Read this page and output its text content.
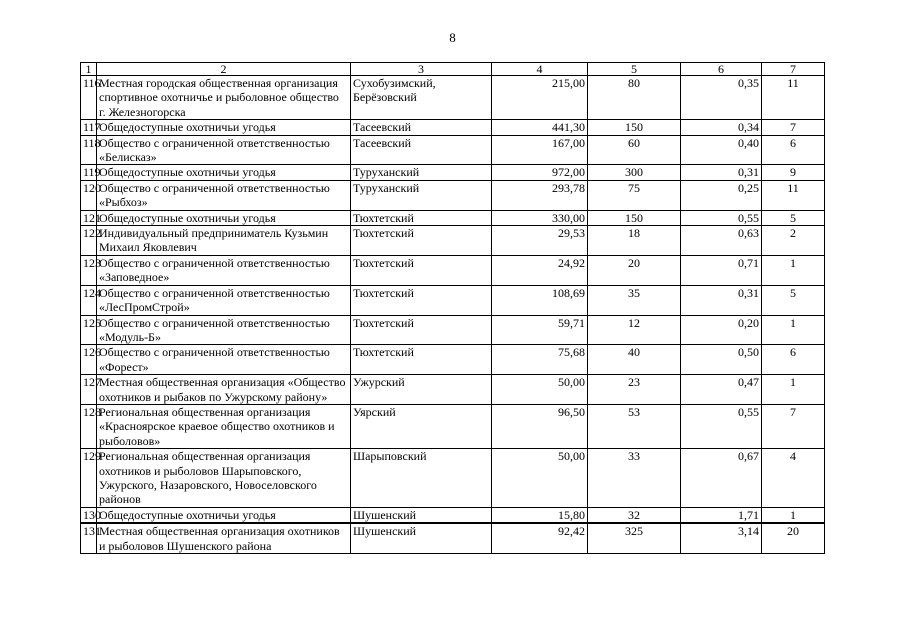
8
1	2	3	4	5	6	7
116	Местная городская общественная организация спортивное охотничье и рыболовное общество г. Железногорска	Сухобузимский, Берёзовский	215,00	80	0,35	11
117	Общедоступные охотничьи угодья	Тасеевский	441,30	150	0,34	7
118	Общество с ограниченной ответственностью «Белисказ»	Тасеевский	167,00	60	0,40	6
119	Общедоступные охотничьи угодья	Туруханский	972,00	300	0,31	9
120	Общество с ограниченной ответственностью «Рыбхоз»	Туруханский	293,78	75	0,25	11
121	Общедоступные охотничьи угодья	Тюхтетский	330,00	150	0,55	5
122	Индивидуальный предприниматель Кузьмин Михаил Яковлевич	Тюхтетский	29,53	18	0,63	2
123	Общество с ограниченной ответственностью «Заповедное»	Тюхтетский	24,92	20	0,71	1
124	Общество с ограниченной ответственностью «ЛесПромСтрой»	Тюхтетский	108,69	35	0,31	5
125	Общество с ограниченной ответственностью «Модуль-Б»	Тюхтетский	59,71	12	0,20	1
126	Общество с ограниченной ответственностью «Форест»	Тюхтетский	75,68	40	0,50	6
127	Местная общественная организация «Общество охотников и рыбаков по Ужурскому району»	Ужурский	50,00	23	0,47	1
128	Региональная общественная организация «Красноярское краевое общество охотников и рыболовов»	Уярский	96,50	53	0,55	7
129	Региональная общественная организация охотников и рыболовов Шарыповского, Ужурского, Назаровского, Новоселовского районов	Шарыповский	50,00	33	0,67	4
130	Общедоступные охотничьи угодья	Шушенский	15,80	32	1,71	1
131	Местная общественная организация охотников и рыболовов Шушенского района	Шушенский	92,42	325	3,14	20
